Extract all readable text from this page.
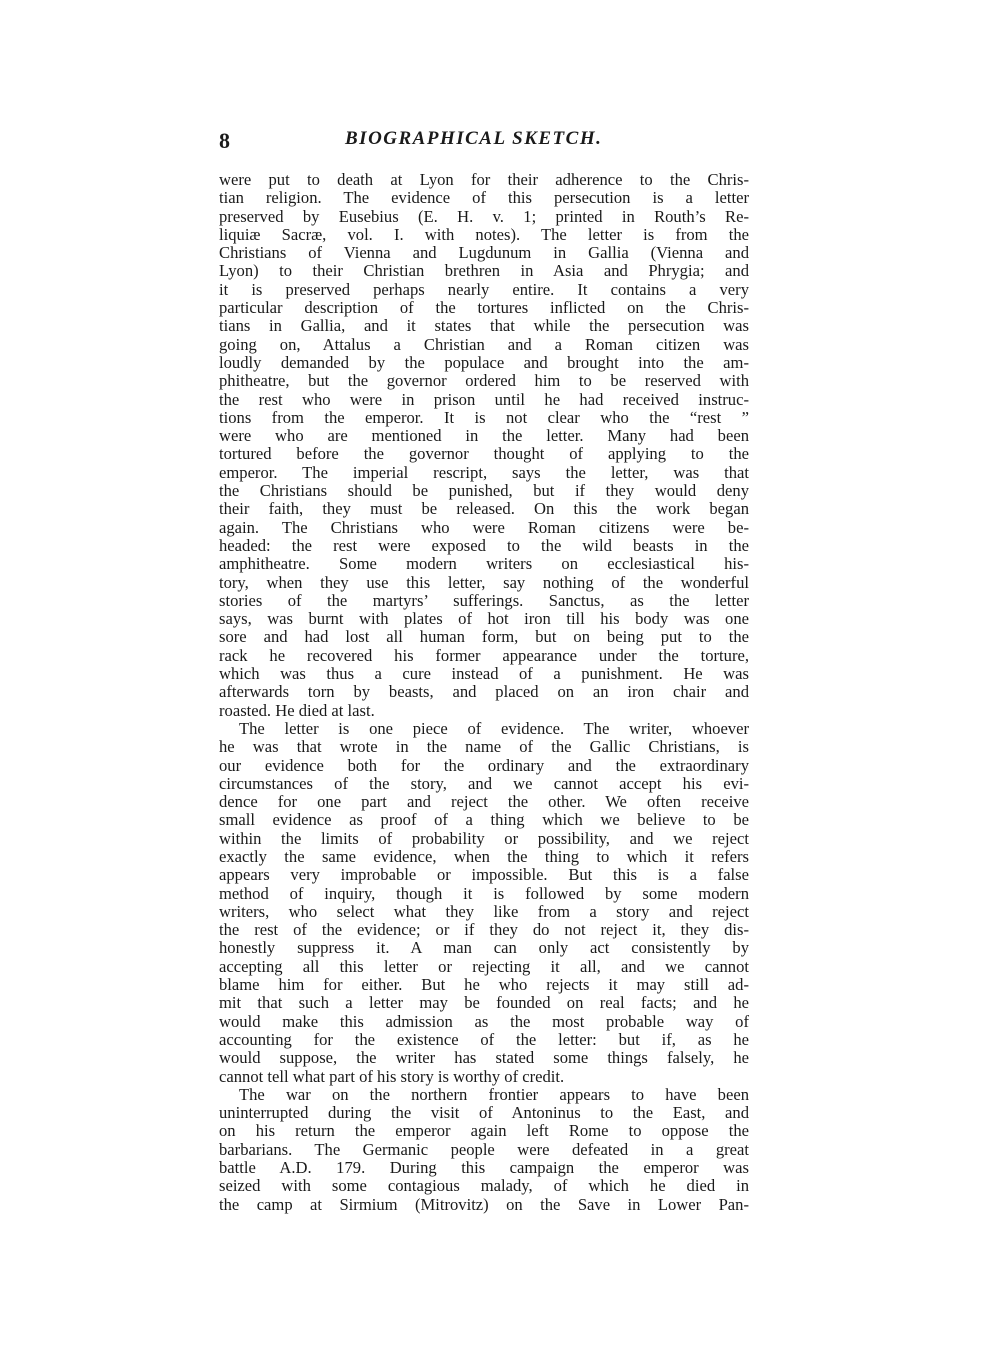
8	BIOGRAPHICAL SKETCH.
were put to death at Lyon for their adherence to the Chris-
tian religion. The evidence of this persecution is a letter
preserved by Eusebius (E. H. v. 1; printed in Routh’s Re-
liquiæ Sacræ, vol. I. with notes). The letter is from the
Christians of Vienna and Lugdunum in Gallia (Vienna and
Lyon) to their Christian brethren in Asia and Phrygia; and
it is preserved perhaps nearly entire. It contains a very
particular description of the tortures inflicted on the Chris-
tians in Gallia, and it states that while the persecution was
going on, Attalus a Christian and a Roman citizen was
loudly demanded by the populace and brought into the am-
phitheatre, but the governor ordered him to be reserved with
the rest who were in prison until he had received instruc-
tions from the emperor. It is not clear who the “rest ”
were who are mentioned in the letter. Many had been
tortured before the governor thought of applying to the
emperor. The imperial rescript, says the letter, was that
the Christians should be punished, but if they would deny
their faith, they must be released. On this the work began
again. The Christians who were Roman citizens were be-
headed: the rest were exposed to the wild beasts in the
amphitheatre. Some modern writers on ecclesiastical his-
tory, when they use this letter, say nothing of the wonderful
stories of the martyrs’ sufferings. Sanctus, as the letter
says, was burnt with plates of hot iron till his body was one
sore and had lost all human form, but on being put to the
rack he recovered his former appearance under the torture,
which was thus a cure instead of a punishment. He was
afterwards torn by beasts, and placed on an iron chair and
roasted. He died at last.
The letter is one piece of evidence. The writer, whoever
he was that wrote in the name of the Gallic Christians, is
our evidence both for the ordinary and the extraordinary
circumstances of the story, and we cannot accept his evi-
dence for one part and reject the other. We often receive
small evidence as proof of a thing which we believe to be
within the limits of probability or possibility, and we reject
exactly the same evidence, when the thing to which it refers
appears very improbable or impossible. But this is a false
method of inquiry, though it is followed by some modern
writers, who select what they like from a story and reject
the rest of the evidence; or if they do not reject it, they dis-
honestly suppress it. A man can only act consistently by
accepting all this letter or rejecting it all, and we cannot
blame him for either. But he who rejects it may still ad-
mit that such a letter may be founded on real facts; and he
would make this admission as the most probable way of
accounting for the existence of the letter: but if, as he
would suppose, the writer has stated some things falsely, he
cannot tell what part of his story is worthy of credit.
The war on the northern frontier appears to have been
uninterrupted during the visit of Antoninus to the East, and
on his return the emperor again left Rome to oppose the
barbarians. The Germanic people were defeated in a great
battle A.D. 179. During this campaign the emperor was
seized with some contagious malady, of which he died in
the camp at Sirmium (Mitrovitz) on the Save in Lower Pan-
